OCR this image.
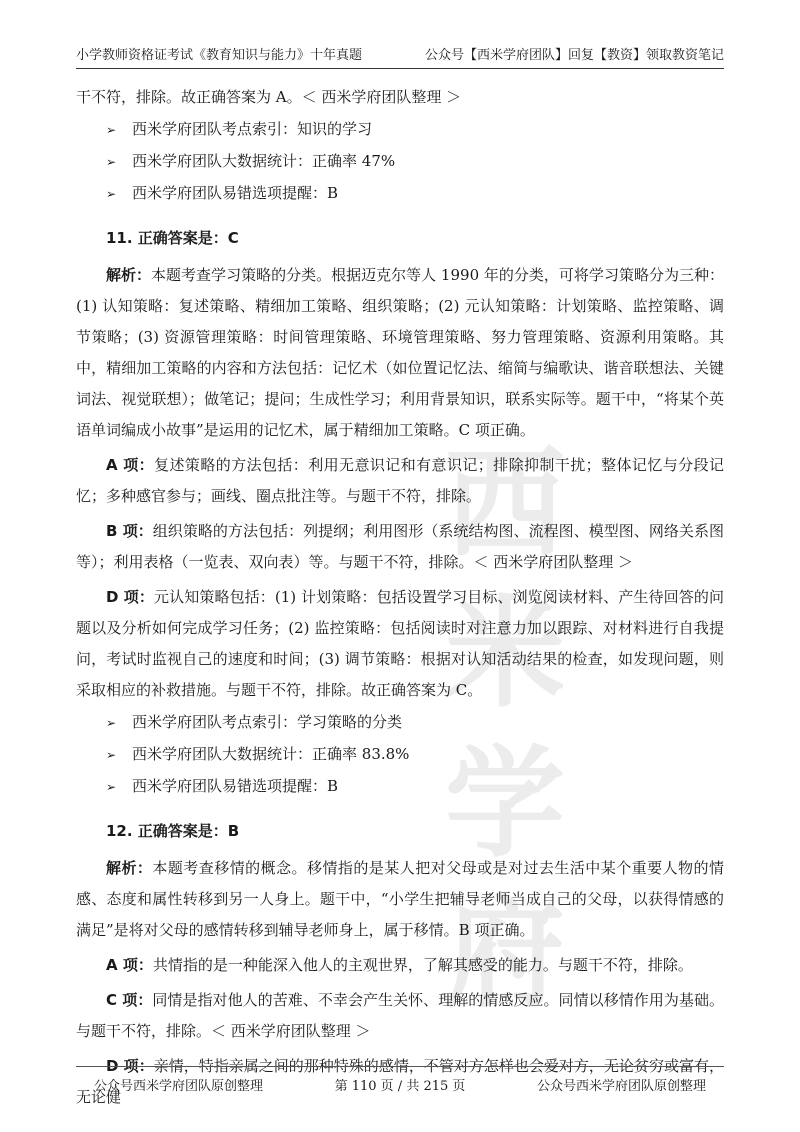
小学教师资格证考试《教育知识与能力》十年真题	公众号【西米学府团队】回复【教资】领取教资笔记
西米学府

干不符，排除。故正确答案为 A。＜ 西米学府团队整理 ＞

➢ 西米学府团队考点索引：知识的学习
➢ 西米学府团队大数据统计：正确率 47%
➢ 西米学府团队易错选项提醒：B
11. 正确答案是：C

解析：本题考查学习策略的分类。根据迈克尔等人 1990 年的分类，可将学习策略分为三种：(1) 认知策略：复述策略、精细加工策略、组织策略；(2) 元认知策略：计划策略、监控策略、调节策略；(3) 资源管理策略：时间管理策略、环境管理策略、努力管理策略、资源利用策略。其中，精细加工策略的内容和方法包括：记忆术（如位置记忆法、缩简与编歌诀、谐音联想法、关键词法、视觉联想）；做笔记；提问；生成性学习；利用背景知识，联系实际等。题干中，“将某个英语单词编成小故事”是运用的记忆术，属于精细加工策略。C 项正确。

A 项：复述策略的方法包括：利用无意识记和有意识记；排除抑制干扰；整体记忆与分段记忆；多种感官参与；画线、圈点批注等。与题干不符，排除。

B 项：组织策略的方法包括：列提纲；利用图形（系统结构图、流程图、模型图、网络关系图等）；利用表格（一览表、双向表）等。与题干不符，排除。＜ 西米学府团队整理 ＞

D 项：元认知策略包括：(1) 计划策略：包括设置学习目标、浏览阅读材料、产生待回答的问题以及分析如何完成学习任务；(2) 监控策略：包括阅读时对注意力加以跟踪、对材料进行自我提问，考试时监视自己的速度和时间；(3) 调节策略：根据对认知活动结果的检查，如发现问题，则采取相应的补救措施。与题干不符，排除。故正确答案为 C。

➢ 西米学府团队考点索引：学习策略的分类
➢ 西米学府团队大数据统计：正确率 83.8%
➢ 西米学府团队易错选项提醒：B
12. 正确答案是：B

解析：本题考查移情的概念。移情指的是某人把对父母或是对过去生活中某个重要人物的情感、态度和属性转移到另一人身上。题干中，“小学生把辅导老师当成自己的父母，以获得情感的满足”是将对父母的感情转移到辅导老师身上，属于移情。B 项正确。

A 项：共情指的是一种能深入他人的主观世界，了解其感受的能力。与题干不符，排除。

C 项：同情是指对他人的苦难、不幸会产生关怀、理解的情感反应。同情以移情作用为基础。与题干不符，排除。＜ 西米学府团队整理 ＞

D 项：亲情，特指亲属之间的那种特殊的感情，不管对方怎样也会爱对方，无论贫穷或富有，无论健

公众号西米学府团队原创整理	第 110 页 / 共 215 页	公众号西米学府团队原创整理
